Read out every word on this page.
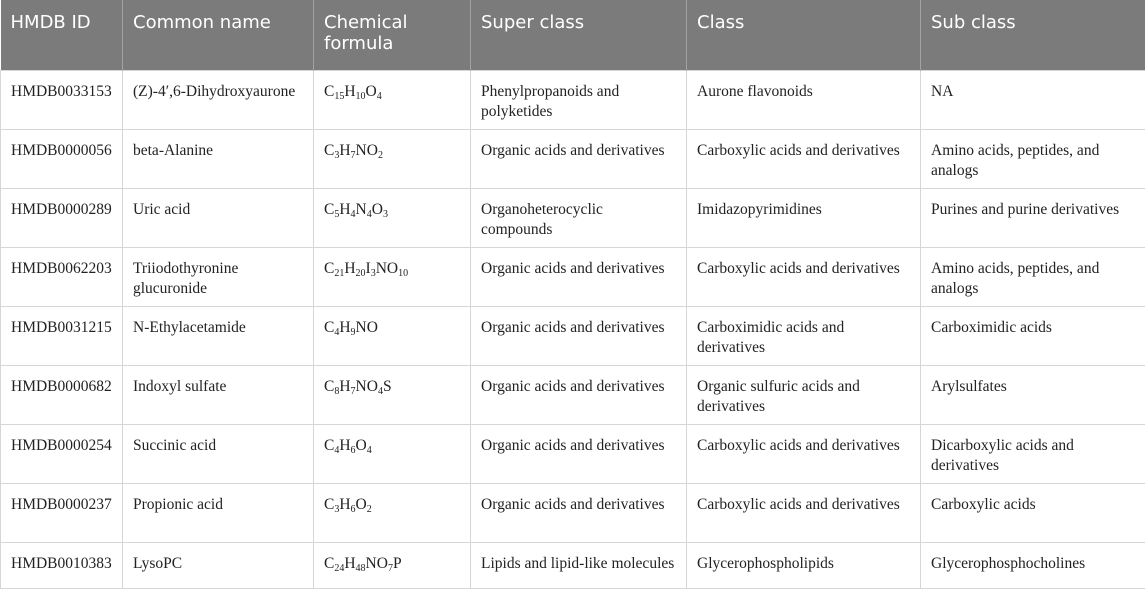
HMDB ID	Common name	Chemical formula	Super class	Class	Sub class
HMDB0033153	(Z)-4′,6-Dihydroxyaurone	$C_{15}H_{10}O_4$	Phenylpropanoids and polyketides	Aurone flavonoids	NA
HMDB0000056	beta-Alanine	$C_3H_7NO_2$	Organic acids and derivatives	Carboxylic acids and derivatives	Amino acids, peptides, and analogs
HMDB0000289	Uric acid	$C_5H_4N_4O_3$	Organoheterocyclic compounds	Imidazopyrimidines	Purines and purine derivatives
HMDB0062203	Triiodothyronine glucuronide	$C_{21}H_{20}I_3NO_{10}$	Organic acids and derivatives	Carboxylic acids and derivatives	Amino acids, peptides, and analogs
HMDB0031215	N-Ethylacetamide	$C_4H_9NO$	Organic acids and derivatives	Carboximidic acids and derivatives	Carboximidic acids
HMDB0000682	Indoxyl sulfate	$C_8H_7NO_4S$	Organic acids and derivatives	Organic sulfuric acids and derivatives	Arylsulfates
HMDB0000254	Succinic acid	$C_4H_6O_4$	Organic acids and derivatives	Carboxylic acids and derivatives	Dicarboxylic acids and derivatives
HMDB0000237	Propionic acid	$C_3H_6O_2$	Organic acids and derivatives	Carboxylic acids and derivatives	Carboxylic acids
HMDB0010383	LysoPC	$C_{24}H_{48}NO_7P$	Lipids and lipid-like molecules	Glycerophospholipids	Glycerophosphocholines
